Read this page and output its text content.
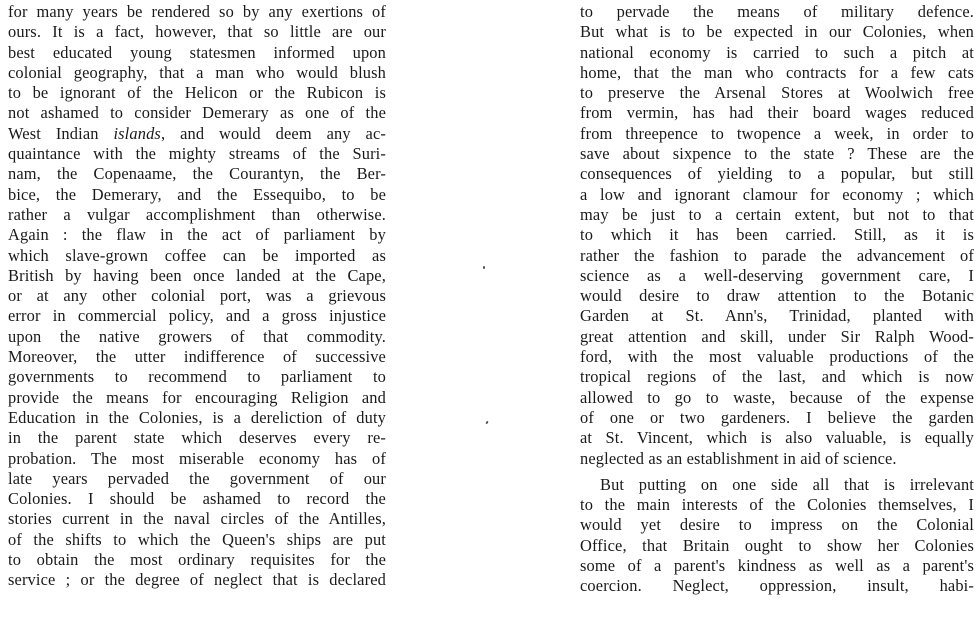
for many years be rendered so by any exertions of
ours. It is a fact, however, that so little are our
best educated young statesmen informed upon
colonial geography, that a man who would blush
to be ignorant of the Helicon or the Rubicon is
not ashamed to consider Demerary as one of the
West Indian islands, and would deem any ac-
quaintance with the mighty streams of the Suri-
nam, the Copenaame, the Courantyn, the Ber-
bice, the Demerary, and the Essequibo, to be
rather a vulgar accomplishment than otherwise.
Again : the flaw in the act of parliament by
which slave-grown coffee can be imported as
British by having been once landed at the Cape,
or at any other colonial port, was a grievous
error in commercial policy, and a gross injustice
upon the native growers of that commodity.
Moreover, the utter indifference of successive
governments to recommend to parliament to
provide the means for encouraging Religion and
Education in the Colonies, is a dereliction of duty
in the parent state which deserves every re-
probation. The most miserable economy has of
late years pervaded the government of our
Colonies. I should be ashamed to record the
stories current in the naval circles of the Antilles,
of the shifts to which the Queen's ships are put
to obtain the most ordinary requisites for the
service ; or the degree of neglect that is declared
to pervade the means of military defence.
But what is to be expected in our Colonies, when
national economy is carried to such a pitch at
home, that the man who contracts for a few cats
to preserve the Arsenal Stores at Woolwich free
from vermin, has had their board wages reduced
from threepence to twopence a week, in order to
save about sixpence to the state ? These are the
consequences of yielding to a popular, but still
a low and ignorant clamour for economy ; which
may be just to a certain extent, but not to that
to which it has been carried. Still, as it is
rather the fashion to parade the advancement of
science as a well-deserving government care, I
would desire to draw attention to the Botanic
Garden at St. Ann's, Trinidad, planted with
great attention and skill, under Sir Ralph Wood-
ford, with the most valuable productions of the
tropical regions of the last, and which is now
allowed to go to waste, because of the expense
of one or two gardeners. I believe the garden
at St. Vincent, which is also valuable, is equally
neglected as an establishment in aid of science.
But putting on one side all that is irrelevant
to the main interests of the Colonies themselves, I
would yet desire to impress on the Colonial
Office, that Britain ought to show her Colonies
some of a parent's kindness as well as a parent's
coercion. Neglect, oppression, insult, habi-
